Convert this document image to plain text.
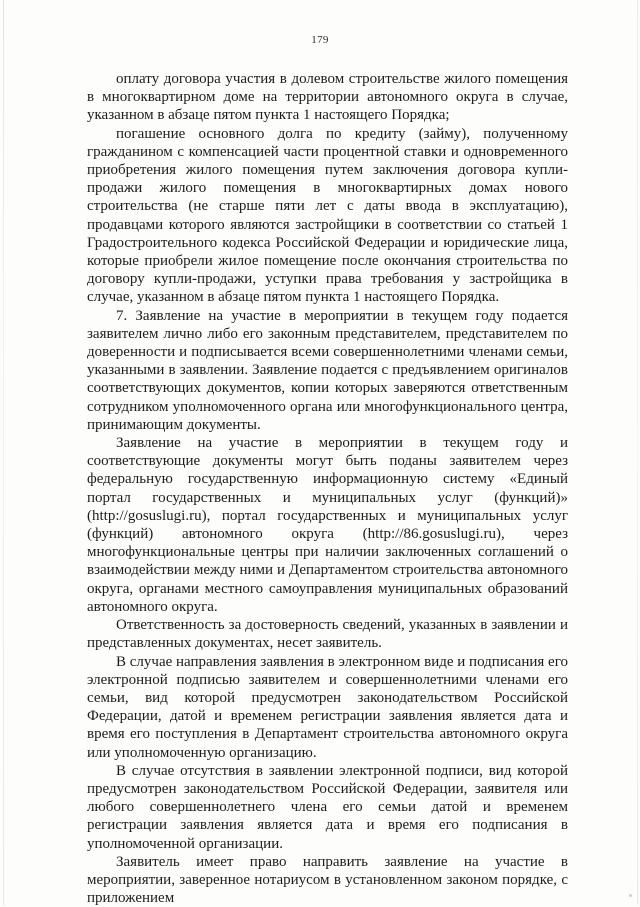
179

оплату договора участия в долевом строительстве жилого помещения в многоквартирном доме на территории автономного округа в случае, указанном в абзаце пятом пункта 1 настоящего Порядка;

погашение основного долга по кредиту (займу), полученному гражданином с компенсацией части процентной ставки и одновременного приобретения жилого помещения путем заключения договора купли-продажи жилого помещения в многоквартирных домах нового строительства (не старше пяти лет с даты ввода в эксплуатацию), продавцами которого являются застройщики в соответствии со статьей 1 Градостроительного кодекса Российской Федерации и юридические лица, которые приобрели жилое помещение после окончания строительства по договору купли-продажи, уступки права требования у застройщика в случае, указанном в абзаце пятом пункта 1 настоящего Порядка.

7. Заявление на участие в мероприятии в текущем году подается заявителем лично либо его законным представителем, представителем по доверенности и подписывается всеми совершеннолетними членами семьи, указанными в заявлении. Заявление подается с предъявлением оригиналов соответствующих документов, копии которых заверяются ответственным сотрудником уполномоченного органа или многофункционального центра, принимающим документы.

Заявление на участие в мероприятии в текущем году и соответствующие документы могут быть поданы заявителем через федеральную государственную информационную систему «Единый портал государственных и муниципальных услуг (функций)» (http://gosuslugi.ru), портал государственных и муниципальных услуг (функций) автономного округа (http://86.gosuslugi.ru), через многофункциональные центры при наличии заключенных соглашений о взаимодействии между ними и Департаментом строительства автономного округа, органами местного самоуправления муниципальных образований автономного округа.

Ответственность за достоверность сведений, указанных в заявлении и представленных документах, несет заявитель.

В случае направления заявления в электронном виде и подписания его электронной подписью заявителем и совершеннолетними членами его семьи, вид которой предусмотрен законодательством Российской Федерации, датой и временем регистрации заявления является дата и время его поступления в Департамент строительства автономного округа или уполномоченную организацию.

В случае отсутствия в заявлении электронной подписи, вид которой предусмотрен законодательством Российской Федерации, заявителя или любого совершеннолетнего члена его семьи датой и временем регистрации заявления является дата и время его подписания в уполномоченной организации.

Заявитель имеет право направить заявление на участие в мероприятии, заверенное нотариусом в установленном законом порядке, с приложением
